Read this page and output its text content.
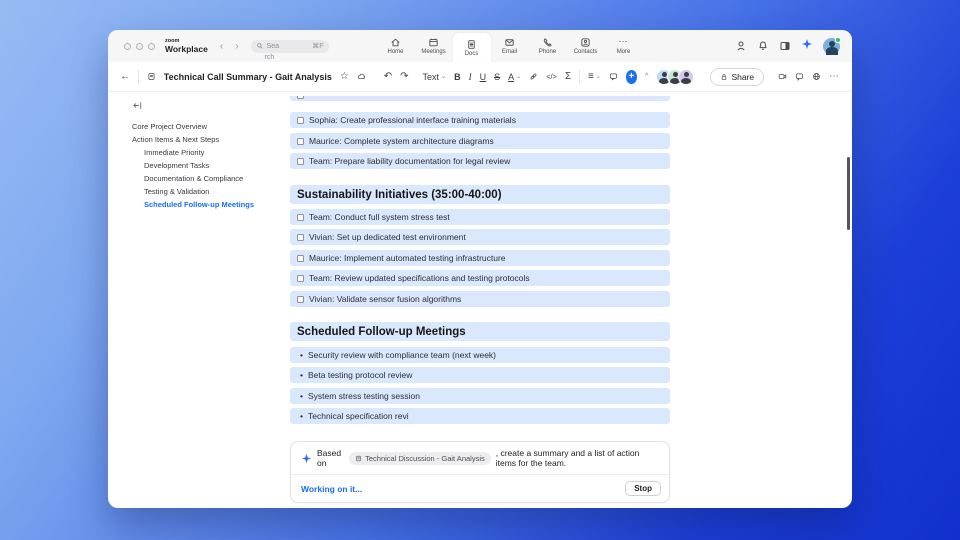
zoom
Workplace ‹ ›	Sea	⌘F
rch
Home	Meetings	Docs	Email	Phone	Contacts
⋯
More
←	Technical Call Summary - Gait Analysis ☆	↶ ↷ Text ⌄ B I U S A ⌄	</> Σ ≡ ⌄	+	^	Share	⋯
Core Project Overview
Action Items & Next Steps
Immediate Priority
Development Tasks
Documentation & Compliance
Testing & Validation
Scheduled Follow-up Meetings
Sophia: Create professional interface training materials
Maurice: Complete system architecture diagrams
Team: Prepare liability documentation for legal review
Sustainability Initiatives (35:00-40:00)
Team: Conduct full system stress test
Vivian: Set up dedicated test environment
Maurice: Implement automated testing infrastructure
Team: Review updated specifications and testing protocols
Vivian: Validate sensor fusion algorithms
Scheduled Follow-up Meetings
• Security review with compliance team (next week)
• Beta testing protocol review
• System stress testing session
• Technical specification revi
Based on	Technical Discussion - Gait Analysis , create a summary and a list of action items for the team.
Working on it...	Stop
